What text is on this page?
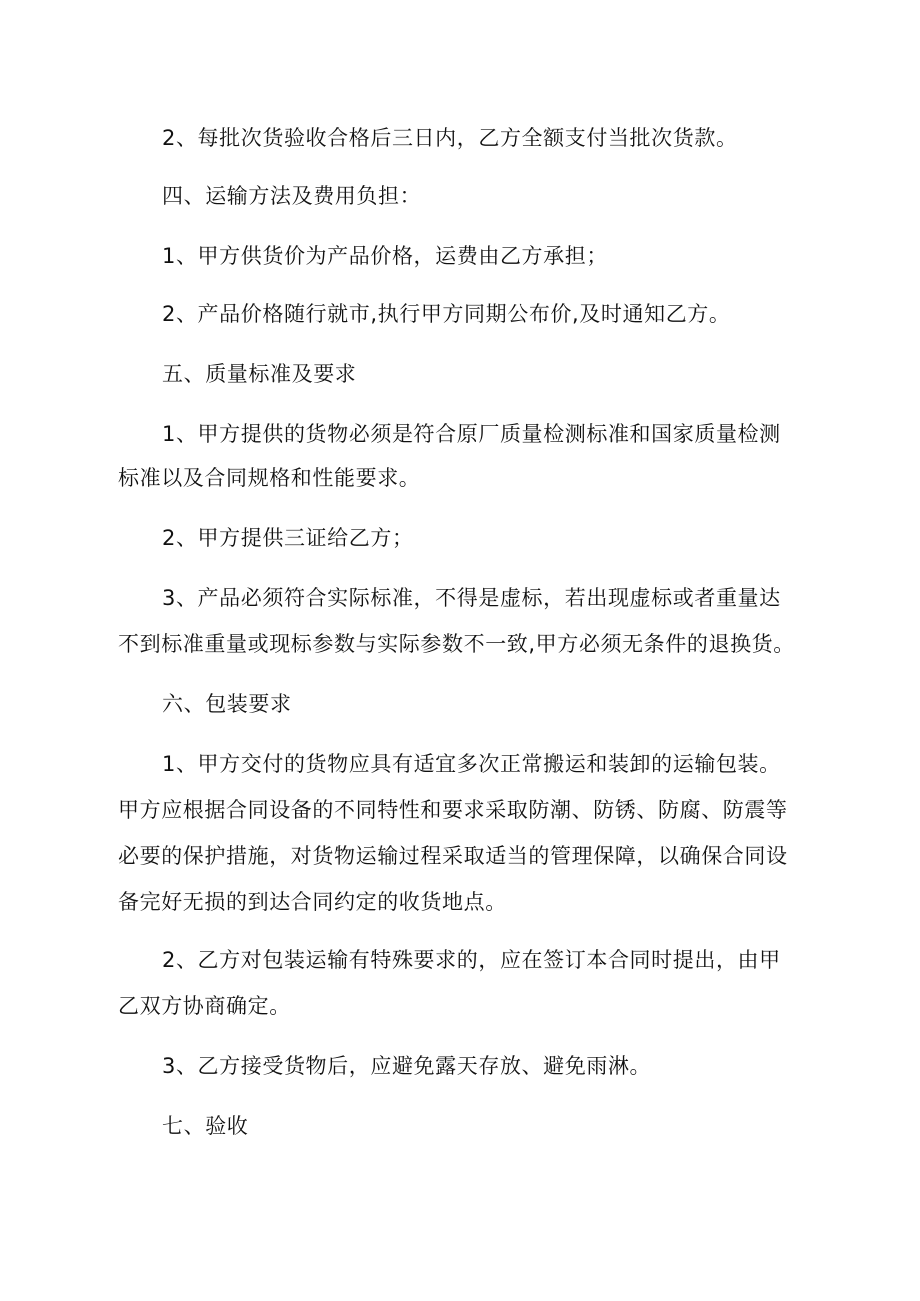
2、每批次货验收合格后三日内，乙方全额支付当批次货款。
四、运输方法及费用负担：
1、甲方供货价为产品价格，运费由乙方承担；
2、产品价格随行就市,执行甲方同期公布价,及时通知乙方。
五、质量标准及要求
1、甲方提供的货物必须是符合原厂质量检测标准和国家质量检测
标准以及合同规格和性能要求。
2、甲方提供三证给乙方；
3、产品必须符合实际标准，不得是虚标，若出现虚标或者重量达
不到标准重量或现标参数与实际参数不一致,甲方必须无条件的退换货。
六、包装要求
1、甲方交付的货物应具有适宜多次正常搬运和装卸的运输包装。
甲方应根据合同设备的不同特性和要求采取防潮、防锈、防腐、防震等
必要的保护措施，对货物运输过程采取适当的管理保障，以确保合同设
备完好无损的到达合同约定的收货地点。
2、乙方对包装运输有特殊要求的，应在签订本合同时提出，由甲
乙双方协商确定。
3、乙方接受货物后，应避免露天存放、避免雨淋。
七、验收
